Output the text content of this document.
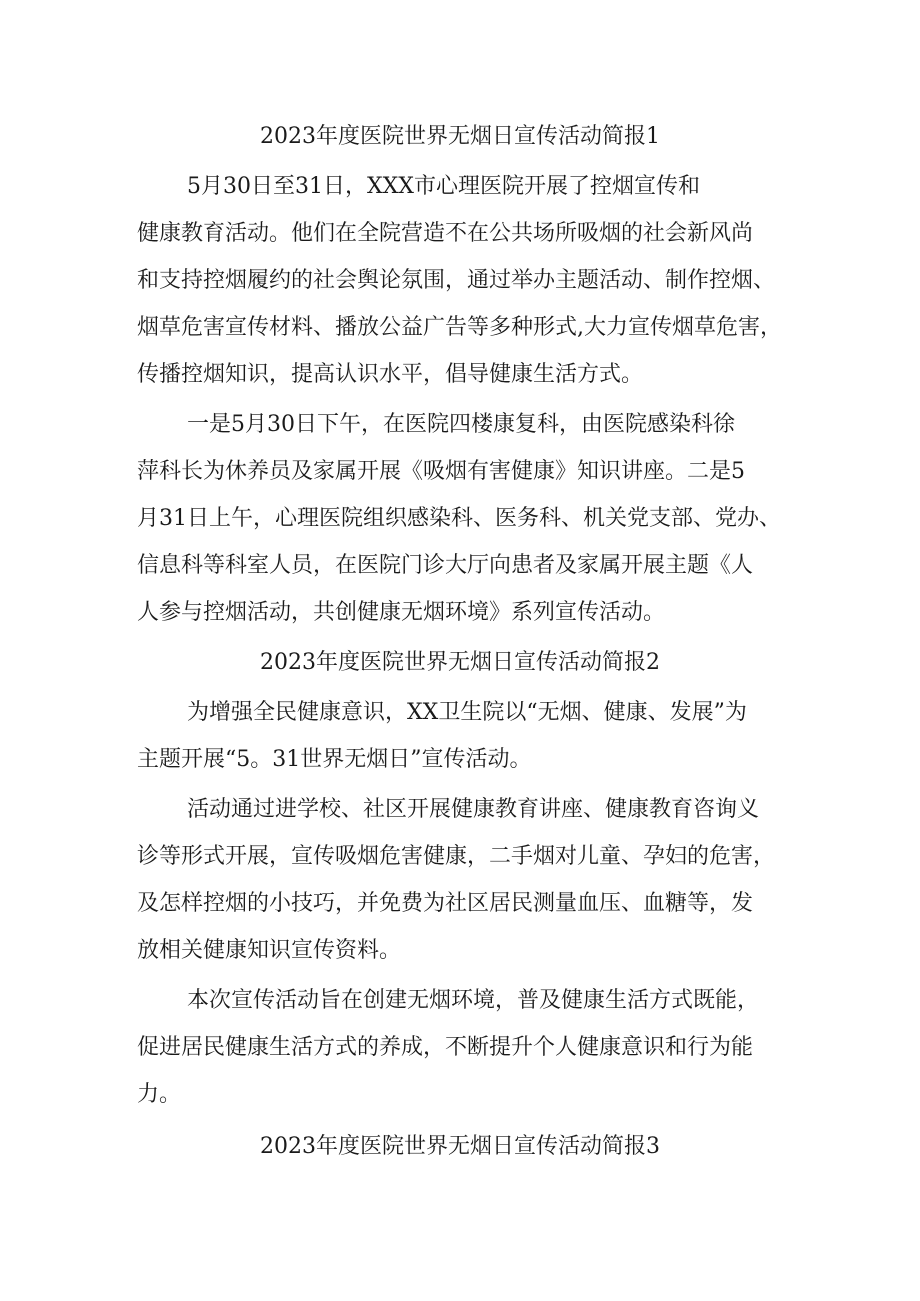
2023年度医院世界无烟日宣传活动简报1
5月30日至31日，XXX市心理医院开展了控烟宣传和
健康教育活动。他们在全院营造不在公共场所吸烟的社会新风尚
和支持控烟履约的社会舆论氛围，通过举办主题活动、制作控烟、
烟草危害宣传材料、播放公益广告等多种形式,大力宣传烟草危害，
传播控烟知识，提高认识水平，倡导健康生活方式。
一是5月30日下午，在医院四楼康复科，由医院感染科徐
萍科长为休养员及家属开展《吸烟有害健康》知识讲座。二是5
月31日上午，心理医院组织感染科、医务科、机关党支部、党办、
信息科等科室人员，在医院门诊大厅向患者及家属开展主题《人
人参与控烟活动，共创健康无烟环境》系列宣传活动。
2023年度医院世界无烟日宣传活动简报2
为增强全民健康意识，XX卫生院以“无烟、健康、发展”为
主题开展“5。31世界无烟日”宣传活动。
活动通过进学校、社区开展健康教育讲座、健康教育咨询义
诊等形式开展，宣传吸烟危害健康，二手烟对儿童、孕妇的危害，
及怎样控烟的小技巧，并免费为社区居民测量血压、血糖等，发
放相关健康知识宣传资料。
本次宣传活动旨在创建无烟环境，普及健康生活方式既能，
促进居民健康生活方式的养成，不断提升个人健康意识和行为能
力。
2023年度医院世界无烟日宣传活动简报3
